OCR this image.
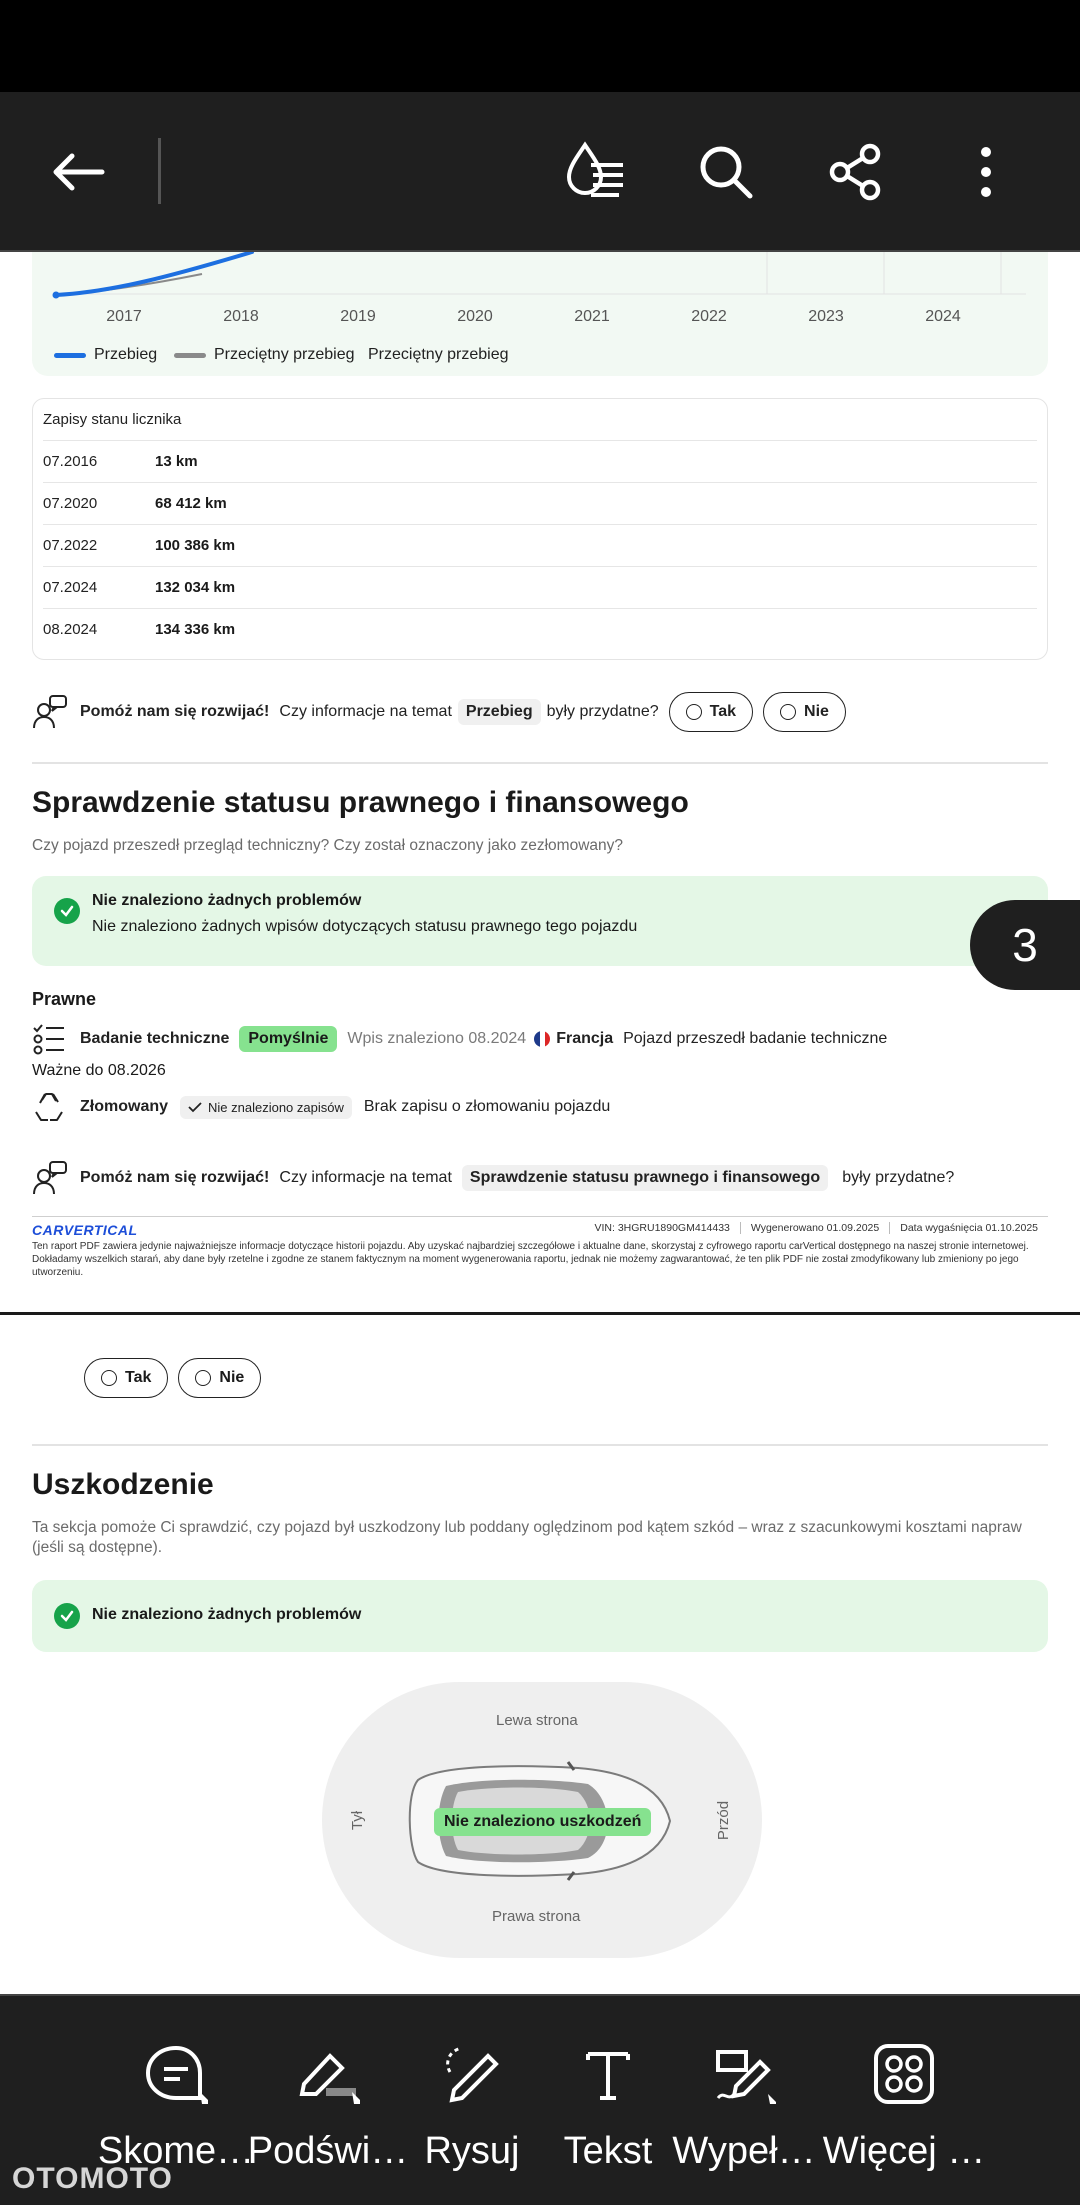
2017	2018	2019	2020	2021	2022	2023	2024
Przebieg	Przeciętny przebieg Przeciętny przebieg
Zapisy stanu licznika
07.2016	13 km
07.2020	68 412 km
07.2022	100 386 km
07.2024	132 034 km
08.2024	134 336 km
Pomóż nam się rozwijać! Czy informacje na temat Przebieg były przydatne?	Tak	Nie
Sprawdzenie statusu prawnego i finansowego
Czy pojazd przeszedł przegląd techniczny? Czy został oznaczony jako zezłomowany?
Nie znaleziono żadnych problemów
Nie znaleziono żadnych wpisów dotyczących statusu prawnego tego pojazdu
Prawne
Badanie techniczne	Pomyślnie	Wpis znaleziono 08.2024 Francja Pojazd przeszedł badanie techniczne
Ważne do 08.2026
Złomowany	Nie znaleziono zapisów Brak zapisu o złomowaniu pojazdu
Pomóż nam się rozwijać! Czy informacje na temat	Sprawdzenie statusu prawnego i finansowego	były przydatne?
CARVERTICAL	VIN: 3HGRU1890GM414433	Wygenerowano 01.09.2025	Data wygaśnięcia 01.10.2025
Ten raport PDF zawiera jedynie najważniejsze informacje dotyczące historii pojazdu. Aby uzyskać najbardziej szczegółowe i aktualne dane, skorzystaj z cyfrowego raportu carVertical dostępnego na naszej stronie internetowej. Dokładamy wszelkich starań, aby dane były rzetelne i zgodne ze stanem faktycznym na moment wygenerowania raportu, jednak nie możemy zagwarantować, że ten plik PDF nie został zmodyfikowany lub zmieniony po jego utworzeniu.
3
Tak	Nie
Uszkodzenie
Ta sekcja pomoże Ci sprawdzić, czy pojazd był uszkodzony lub poddany oględzinom pod kątem szkód – wraz z szacunkowymi kosztami napraw (jeśli są dostępne).
Nie znaleziono żadnych problemów
Lewa strona
Prawa strona
Tył	Przód
Nie znaleziono uszkodzeń
Skome…
Podświ… Rysuj	Tekst Wypeł… Więcej …
OTOMOTO
